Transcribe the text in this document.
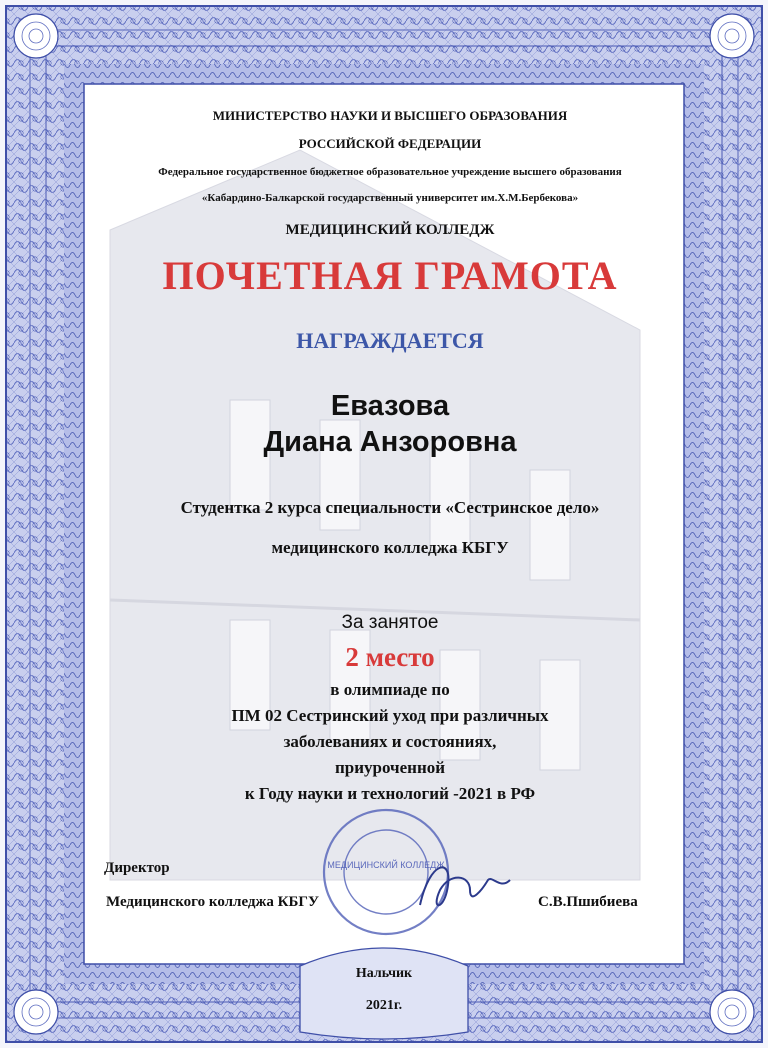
МЕДИЦИНСКИЙ КОЛЛЕДЖ
МИНИСТЕРСТВО НАУКИ И ВЫСШЕГО ОБРАЗОВАНИЯ
РОССИЙСКОЙ ФЕДЕРАЦИИ
Федеральное государственное бюджетное образовательное учреждение высшего образования
«Кабардино-Балкарской государственный университет им.Х.М.Бербекова»
МЕДИЦИНСКИЙ КОЛЛЕДЖ
ПОЧЕТНАЯ ГРАМОТА
НАГРАЖДАЕТСЯ
Евазова
Диана Анзоровна
Студентка 2 курса специальности «Сестринское дело»
медицинского колледжа КБГУ
За занятое
2 место
в олимпиаде по
ПМ 02 Сестринский уход при различных
заболеваниях и состояниях,
приуроченной
к Году науки и технологий -2021 в РФ
Директор
Медицинского колледжа КБГУ	С.В.Пшибиева
Нальчик
2021г.
